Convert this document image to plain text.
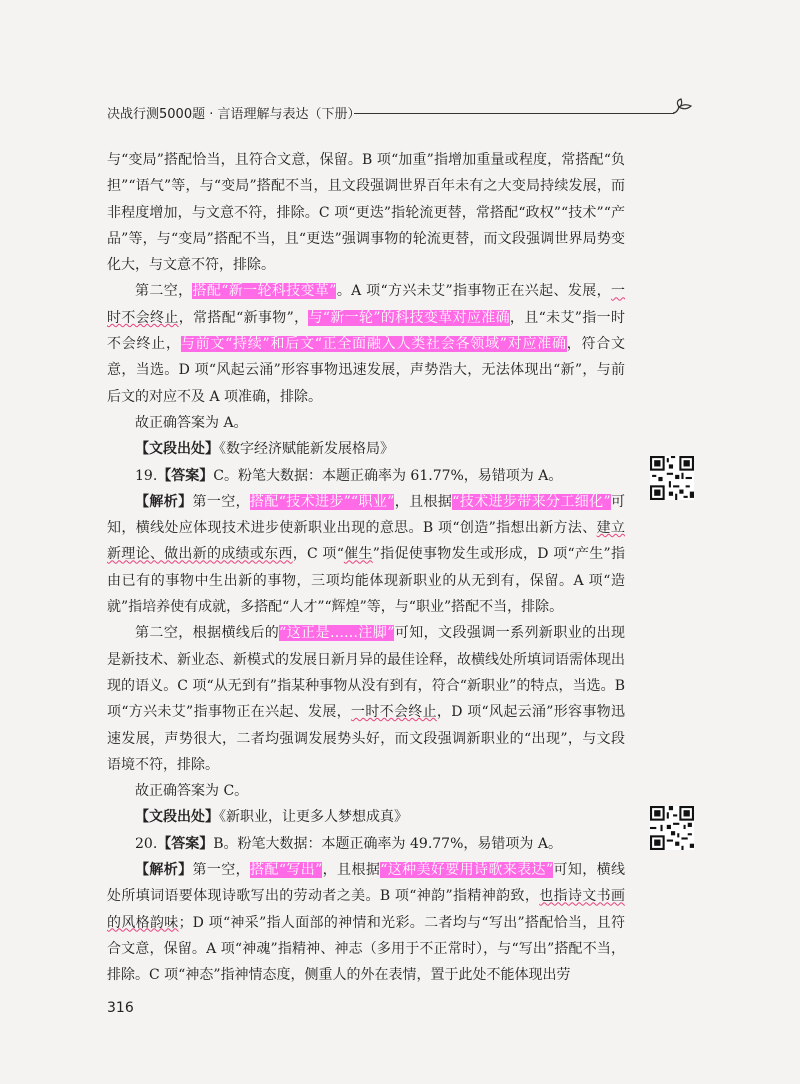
决战行测5000题 · 言语理解与表达（下册）

与“变局”搭配恰当，且符合文意，保留。B 项“加重”指增加重量或程度，常搭配“负担”“语气”等，与“变局”搭配不当，且文段强调世界百年未有之大变局持续发展，而非程度增加，与文意不符，排除。C 项“更迭”指轮流更替，常搭配“政权”“技术”“产品”等，与“变局”搭配不当，且“更迭”强调事物的轮流更替，而文段强调世界局势变化大，与文意不符，排除。

第二空，搭配“新一轮科技变革”。A 项“方兴未艾”指事物正在兴起、发展，一时不会终止，常搭配“新事物”，与“新一轮”的科技变革对应准确，且“未艾”指一时不会终止，与前文“持续”和后文“正全面融入人类社会各领域”对应准确，符合文意，当选。D 项“风起云涌”形容事物迅速发展，声势浩大，无法体现出“新”，与前后文的对应不及 A 项准确，排除。

故正确答案为 A。

【文段出处】《数字经济赋能新发展格局》

19.【答案】C。粉笔大数据：本题正确率为 61.77%，易错项为 A。

【解析】第一空，搭配“技术进步”“职业”，且根据“技术进步带来分工细化”可知，横线处应体现技术进步使新职业出现的意思。B 项“创造”指想出新方法、建立新理论、做出新的成绩或东西，C 项“催生”指促使事物发生或形成，D 项“产生”指由已有的事物中生出新的事物，三项均能体现新职业的从无到有，保留。A 项“造就”指培养使有成就，多搭配“人才”“辉煌”等，与“职业”搭配不当，排除。

第二空，根据横线后的“这正是……注脚”可知，文段强调一系列新职业的出现是新技术、新业态、新模式的发展日新月异的最佳诠释，故横线处所填词语需体现出现的语义。C 项“从无到有”指某种事物从没有到有，符合“新职业”的特点，当选。B 项“方兴未艾”指事物正在兴起、发展，一时不会终止，D 项“风起云涌”形容事物迅速发展，声势很大，二者均强调发展势头好，而文段强调新职业的“出现”，与文段语境不符，排除。

故正确答案为 C。

【文段出处】《新职业，让更多人梦想成真》

20.【答案】B。粉笔大数据：本题正确率为 49.77%，易错项为 A。

【解析】第一空，搭配“写出”，且根据“这种美好要用诗歌来表达”可知，横线处所填词语要体现诗歌写出的劳动者之美。B 项“神韵”指精神韵致，也指诗文书画的风格韵味；D 项“神采”指人面部的神情和光彩。二者均与“写出”搭配恰当，且符合文意，保留。A 项“神魂”指精神、神志（多用于不正常时），与“写出”搭配不当，排除。C 项“神态”指神情态度，侧重人的外在表情，置于此处不能体现出劳

316
